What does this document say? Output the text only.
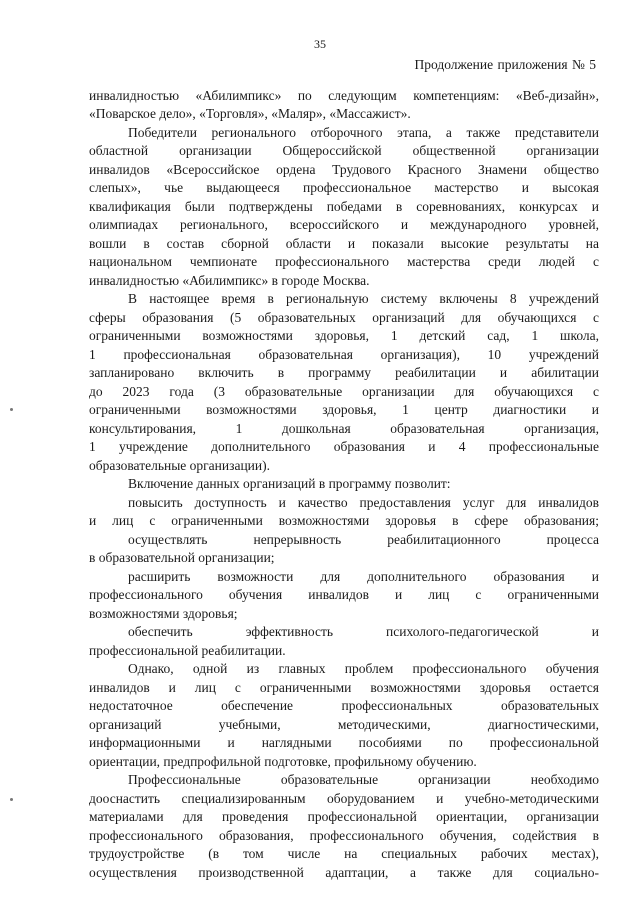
35
Продолжение приложения № 5
инвалидностью «Абилимпикс» по следующим компетенциям: «Веб-дизайн»,
«Поварское дело», «Торговля», «Маляр», «Массажист».
Победители регионального отборочного этапа, а также представители
областной организации Общероссийской общественной организации
инвалидов «Всероссийское ордена Трудового Красного Знамени общество
слепых», чье выдающееся профессиональное мастерство и высокая
квалификация были подтверждены победами в соревнованиях, конкурсах и
олимпиадах регионального, всероссийского и международного уровней,
вошли в состав сборной области и показали высокие результаты на
национальном чемпионате профессионального мастерства среди людей с
инвалидностью «Абилимпикс» в городе Москва.
В настоящее время в региональную систему включены 8 учреждений
сферы образования (5 образовательных организаций для обучающихся с
ограниченными возможностями здоровья, 1 детский сад, 1 школа,
1 профессиональная образовательная организация), 10 учреждений
запланировано включить в программу реабилитации и абилитации
до 2023 года (3 образовательные организации для обучающихся с
ограниченными возможностями здоровья, 1 центр диагностики и
консультирования, 1 дошкольная образовательная организация,
1 учреждение дополнительного образования и 4 профессиональные
образовательные организации).
Включение данных организаций в программу позволит:
повысить доступность и качество предоставления услуг для инвалидов
и лиц с ограниченными возможностями здоровья в сфере образования;
осуществлять непрерывность реабилитационного процесса
в образовательной организации;
расширить возможности для дополнительного образования и
профессионального обучения инвалидов и лиц с ограниченными
возможностями здоровья;
обеспечить эффективность психолого-педагогической и
профессиональной реабилитации.
Однако, одной из главных проблем профессионального обучения
инвалидов и лиц с ограниченными возможностями здоровья остается
недостаточное обеспечение профессиональных образовательных
организаций учебными, методическими, диагностическими,
информационными и наглядными пособиями по профессиональной
ориентации, предпрофильной подготовке, профильному обучению.
Профессиональные образовательные организации необходимо
дооснастить специализированным оборудованием и учебно-методическими
материалами для проведения профессиональной ориентации, организации
профессионального образования, профессионального обучения, содействия в
трудоустройстве (в том числе на специальных рабочих местах),
осуществления производственной адаптации, а также для социально-
